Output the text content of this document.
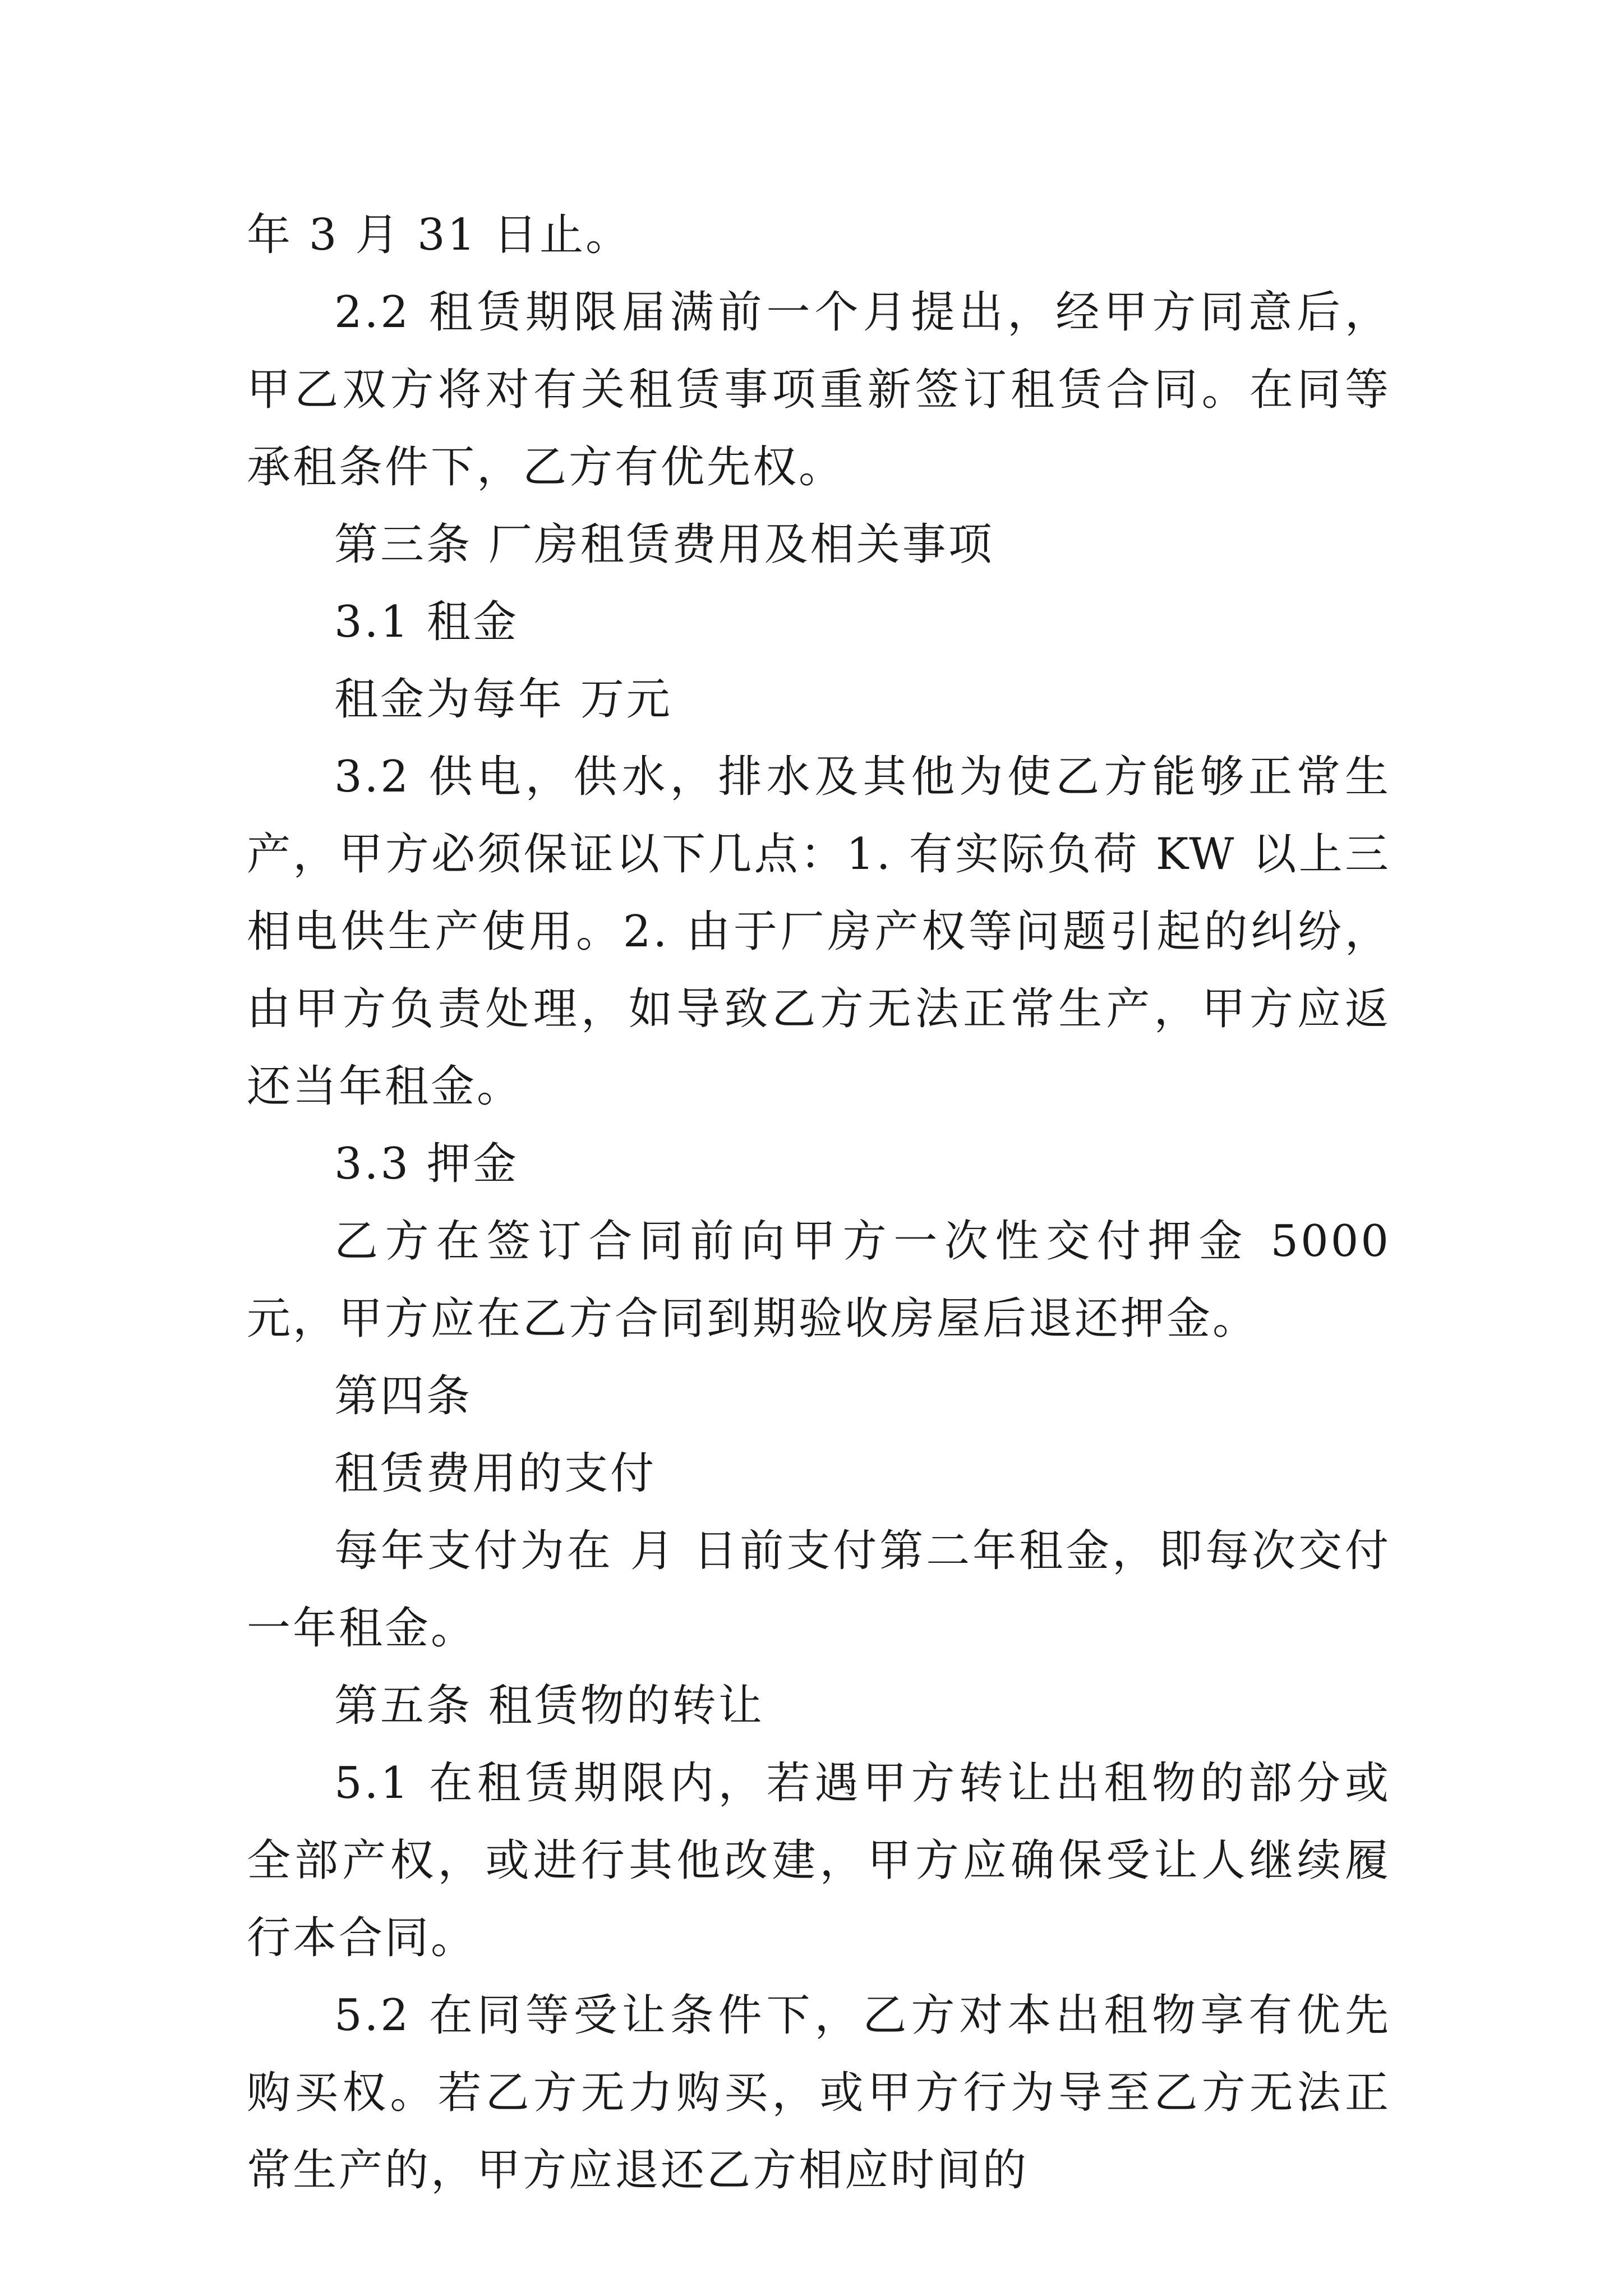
年 3 月 31 日止。

2.2 租赁期限届满前一个月提出，经甲方同意后，甲乙双方将对有关租赁事项重新签订租赁合同。在同等承租条件下，乙方有优先权。

第三条 厂房租赁费用及相关事项

3.1 租金

租金为每年 万元

3.2 供电，供水，排水及其他为使乙方能够正常生产，甲方必须保证以下几点：1. 有实际负荷 KW 以上三相电供生产使用。2. 由于厂房产权等问题引起的纠纷，由甲方负责处理，如导致乙方无法正常生产，甲方应返还当年租金。

3.3 押金

乙方在签订合同前向甲方一次性交付押金 5000 元，甲方应在乙方合同到期验收房屋后退还押金。

第四条

租赁费用的支付

每年支付为在 月 日前支付第二年租金，即每次交付一年租金。

第五条 租赁物的转让

5.1 在租赁期限内，若遇甲方转让出租物的部分或全部产权，或进行其他改建，甲方应确保受让人继续履行本合同。

5.2 在同等受让条件下，乙方对本出租物享有优先购买权。若乙方无力购买，或甲方行为导至乙方无法正常生产的，甲方应退还乙方相应时间的
